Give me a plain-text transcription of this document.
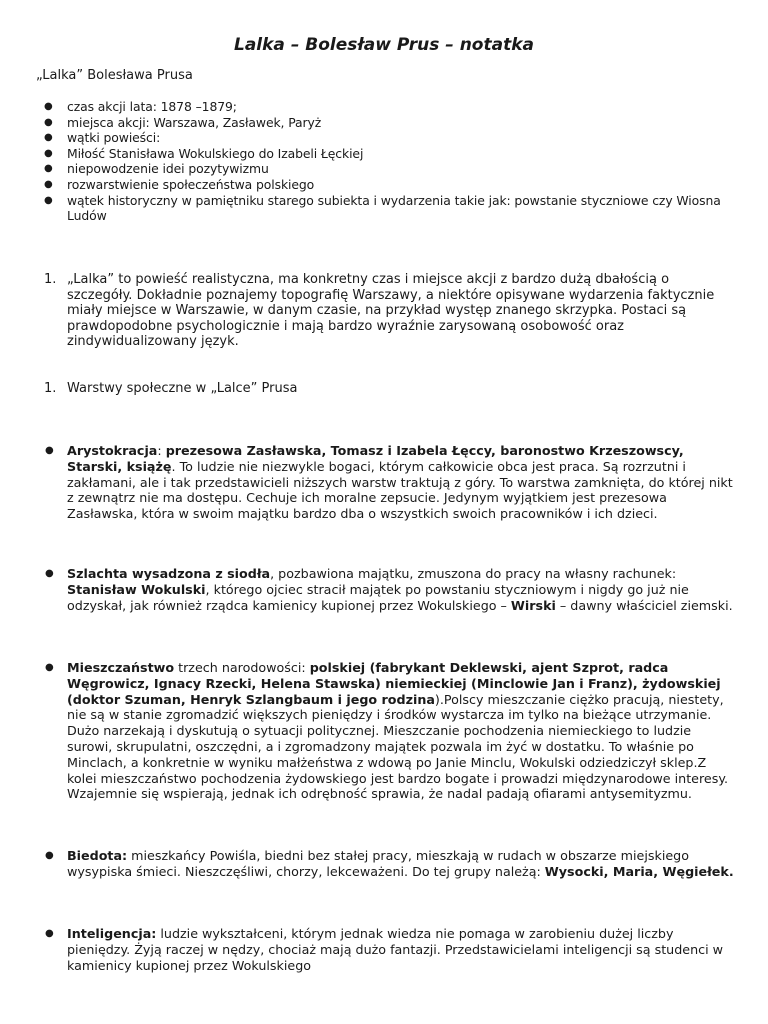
Lalka – Bolesław Prus – notatka
„Lalka” Bolesława Prusa
● czas akcji lata: 1878 –1879;
● miejsca akcji: Warszawa, Zasławek, Paryż
● wątki powieści:
● Miłość Stanisława Wokulskiego do Izabeli Łęckiej
● niepowodzenie idei pozytywizmu
● rozwarstwienie społeczeństwa polskiego
● wątek historyczny w pamiętniku starego subiekta i wydarzenia takie jak: powstanie styczniowe czy Wiosna Ludów
1. „Lalka” to powieść realistyczna, ma konkretny czas i miejsce akcji z bardzo dużą dbałością o szczegóły. Dokładnie poznajemy topografię Warszawy, a niektóre opisywane wydarzenia faktycznie miały miejsce w Warszawie, w danym czasie, na przykład występ znanego skrzypka. Postaci są prawdopodobne psychologicznie i mają bardzo wyraźnie zarysowaną osobowość oraz zindywidualizowany język.
1. Warstwy społeczne w „Lalce” Prusa
● Arystokracja: prezesowa Zasławska, Tomasz i Izabela Łęccy, baronostwo Krzeszowscy, Starski, książę. To ludzie nie niezwykle bogaci, którym całkowicie obca jest praca. Są rozrzutni i zakłamani, ale i tak przedstawicieli niższych warstw traktują z góry. To warstwa zamknięta, do której nikt z zewnątrz nie ma dostępu. Cechuje ich moralne zepsucie. Jedynym wyjątkiem jest prezesowa Zasławska, która w swoim majątku bardzo dba o wszystkich swoich pracowników i ich dzieci.
● Szlachta wysadzona z siodła, pozbawiona majątku, zmuszona do pracy na własny rachunek: Stanisław Wokulski, którego ojciec stracił majątek po powstaniu styczniowym i nigdy go już nie odzyskał, jak również rządca kamienicy kupionej przez Wokulskiego – Wirski – dawny właściciel ziemski.
● Mieszczaństwo trzech narodowości: polskiej (fabrykant Deklewski, ajent Szprot, radca Węgrowicz, Ignacy Rzecki, Helena Stawska) niemieckiej (Minclowie Jan i Franz), żydowskiej (doktor Szuman, Henryk Szlangbaum i jego rodzina).Polscy mieszczanie ciężko pracują, niestety, nie są w stanie zgromadzić większych pieniędzy i środków wystarcza im tylko na bieżące utrzymanie. Dużo narzekają i dyskutują o sytuacji politycznej. Mieszczanie pochodzenia niemieckiego to ludzie surowi, skrupulatni, oszczędni, a i zgromadzony majątek pozwala im żyć w dostatku. To właśnie po Minclach, a konkretnie w wyniku małżeństwa z wdową po Janie Minclu, Wokulski odziedziczył sklep.Z kolei mieszczaństwo pochodzenia żydowskiego jest bardzo bogate i prowadzi międzynarodowe interesy. Wzajemnie się wspierają, jednak ich odrębność sprawia, że nadal padają ofiarami antysemityzmu.
● Biedota: mieszkańcy Powiśla, biedni bez stałej pracy, mieszkają w rudach w obszarze miejskiego wysypiska śmieci. Nieszczęśliwi, chorzy, lekceważeni. Do tej grupy należą: Wysocki, Maria, Węgiełek.
● Inteligencja: ludzie wykształceni, którym jednak wiedza nie pomaga w zarobieniu dużej liczby pieniędzy. Żyją raczej w nędzy, chociaż mają dużo fantazji. Przedstawicielami inteligencji są studenci w kamienicy kupionej przez Wokulskiego
